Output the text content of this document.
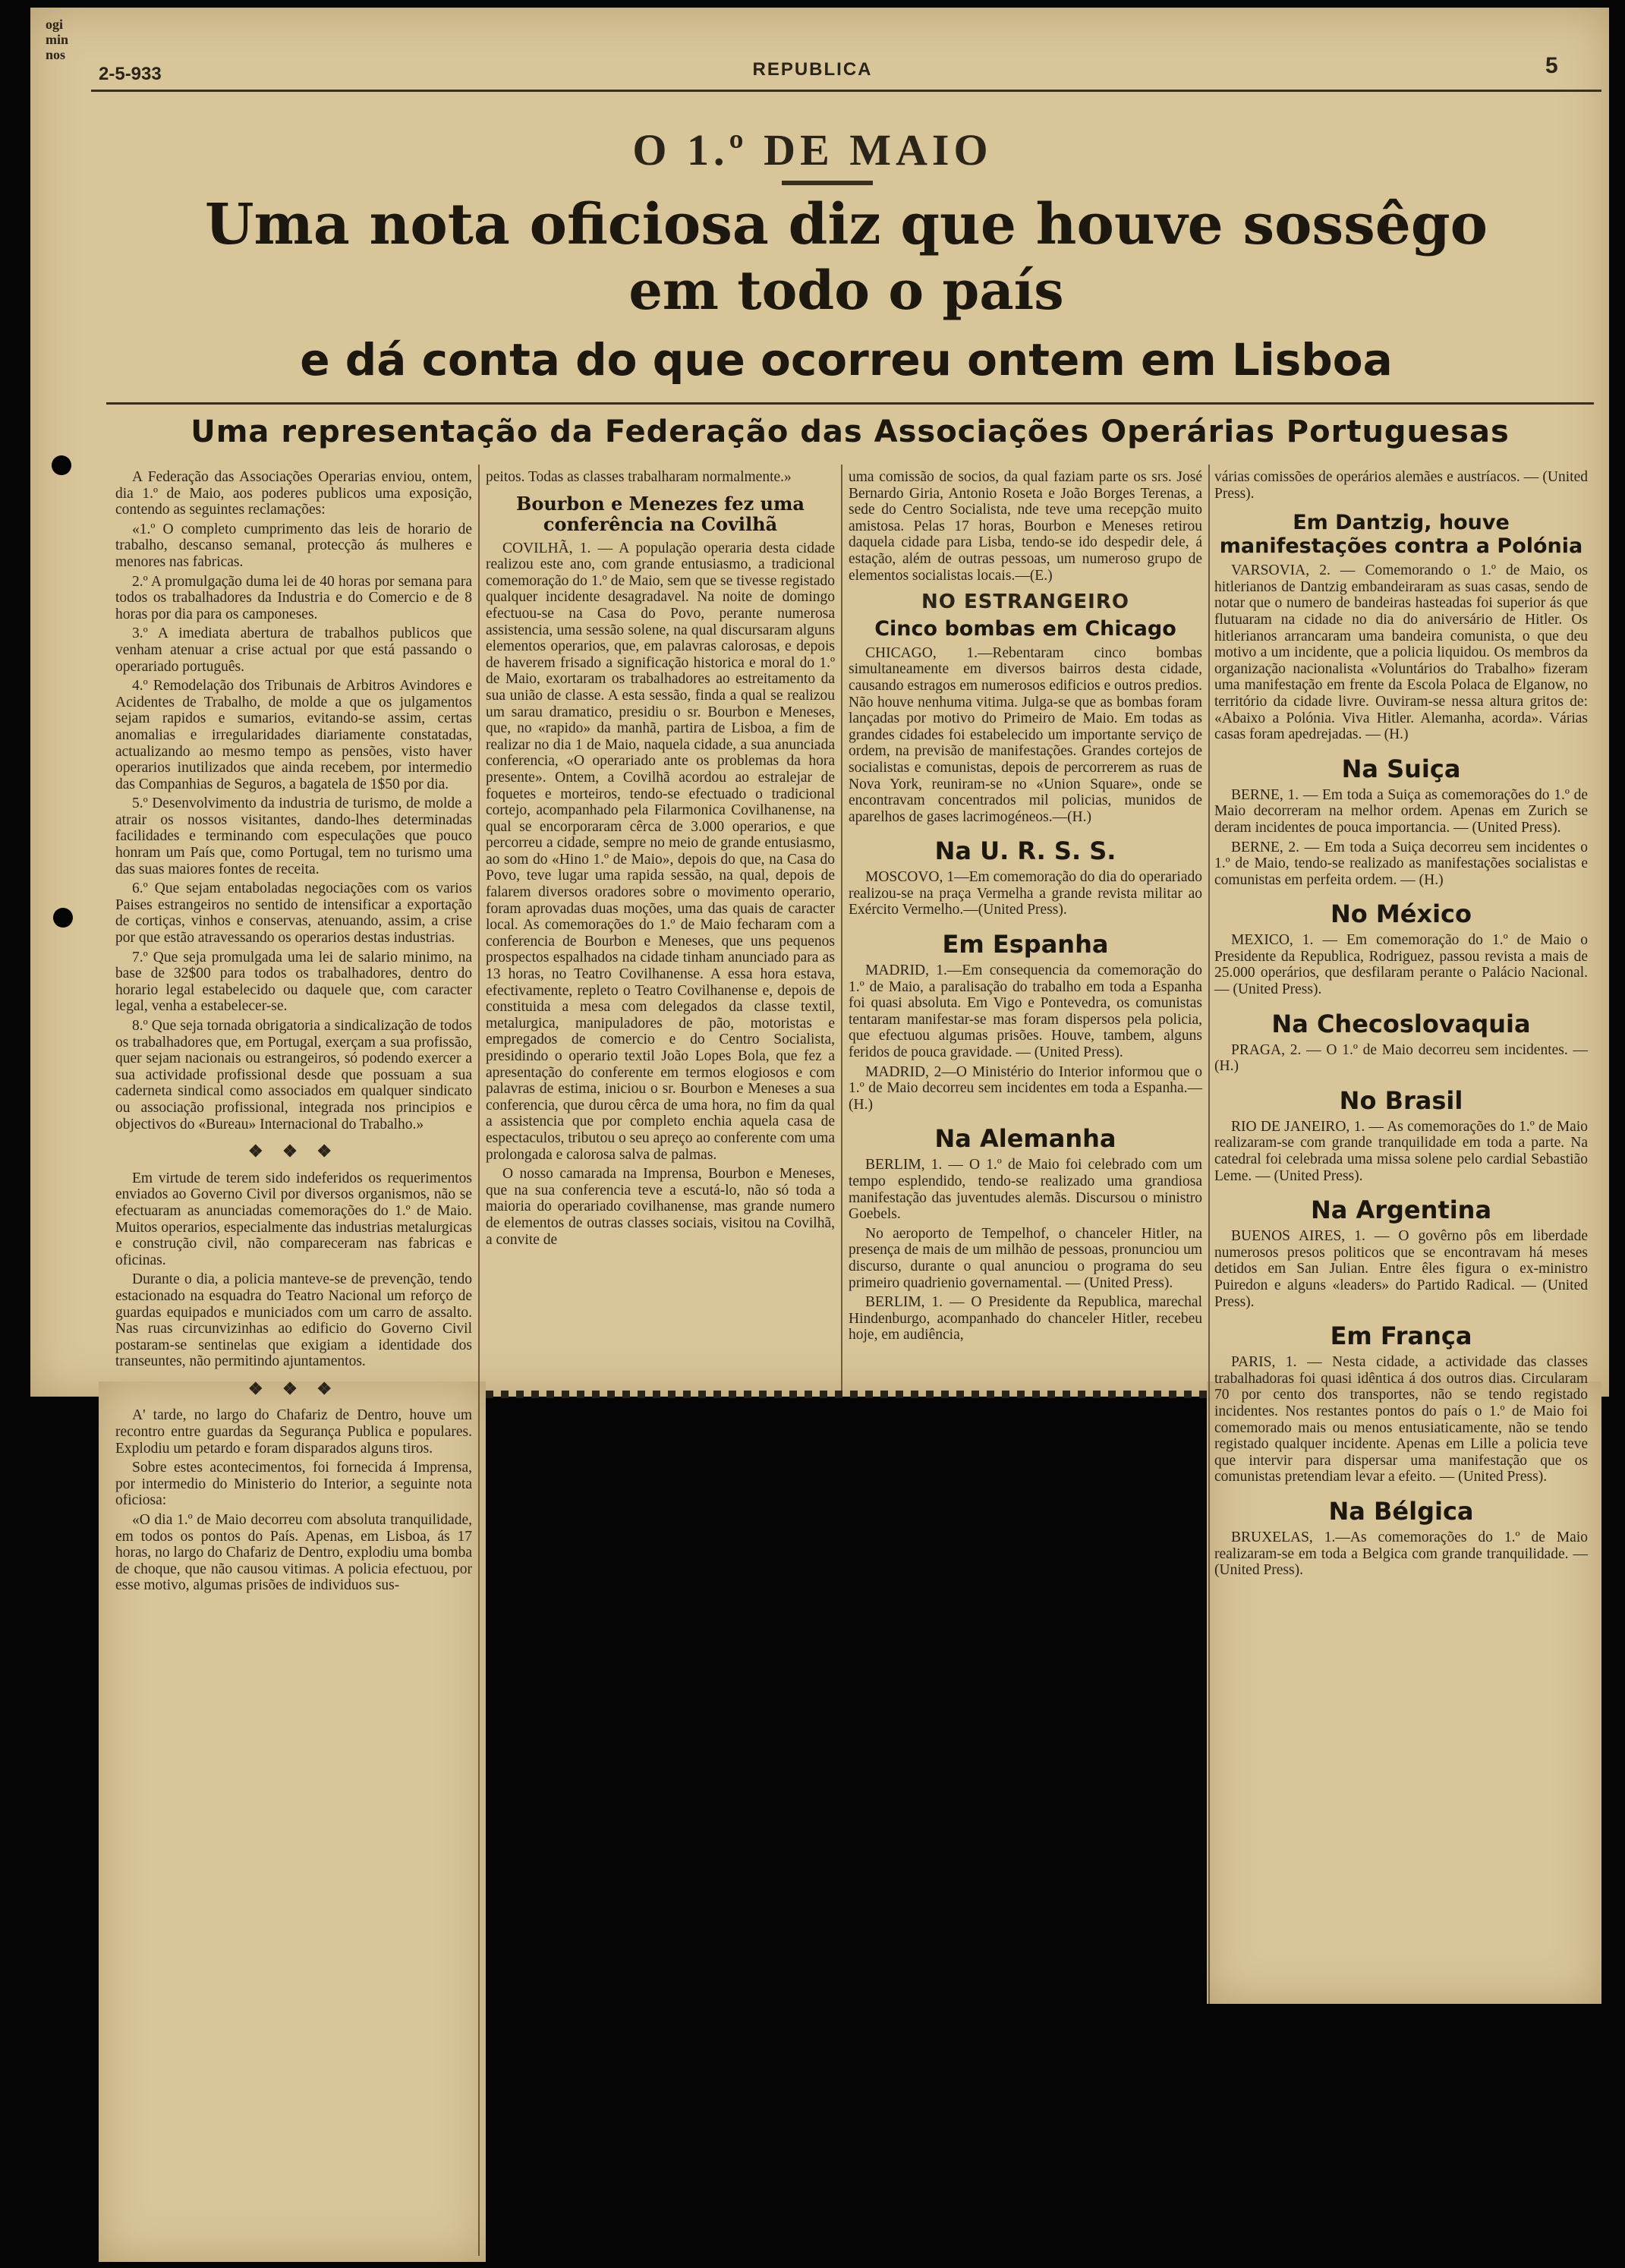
ogi
min
nos
2-5-933	REPUBLICA	5
O 1.º DE MAIO
Uma nota oficiosa diz que houve sossêgo
em todo o país
e dá conta do que ocorreu ontem em Lisboa
Uma representação da Federação das Associações Operárias Portuguesas

A Federação das Associações Operarias enviou, ontem, dia 1.º de Maio, aos poderes publicos uma exposição, contendo as seguintes reclamações:

«1.º O completo cumprimento das leis de horario de trabalho, descanso semanal, protecção ás mulheres e menores nas fabricas.

2.º A promulgação duma lei de 40 horas por semana para todos os trabalhadores da Industria e do Comercio e de 8 horas por dia para os camponeses.

3.º A imediata abertura de trabalhos publicos que venham atenuar a crise actual por que está passando o operariado português.

4.º Remodelação dos Tribunais de Arbitros Avindores e Acidentes de Trabalho, de molde a que os julgamentos sejam rapidos e sumarios, evitando-se assim, certas anomalias e irregularidades diariamente constatadas, actualizando ao mesmo tempo as pensões, visto haver operarios inutilizados que ainda recebem, por intermedio das Companhias de Seguros, a bagatela de 1$50 por dia.

5.º Desenvolvimento da industria de turismo, de molde a atrair os nossos visitantes, dando-lhes determinadas facilidades e terminando com especulações que pouco honram um País que, como Portugal, tem no turismo uma das suas maiores fontes de receita.

6.º Que sejam entaboladas negociações com os varios Paises estrangeiros no sentido de intensificar a exportação de cortiças, vinhos e conservas, atenuando, assim, a crise por que estão atravessando os operarios destas industrias.

7.º Que seja promulgada uma lei de salario minimo, na base de 32$00 para todos os trabalhadores, dentro do horario legal estabelecido ou daquele que, com caracter legal, venha a estabelecer-se.

8.º Que seja tornada obrigatoria a sindicalização de todos os trabalhadores que, em Portugal, exerçam a sua profissão, quer sejam nacionais ou estrangeiros, só podendo exercer a sua actividade profissional desde que possuam a sua caderneta sindical como associados em qualquer sindicato ou associação profissional, integrada nos principios e objectivos do «Bureau» Internacional do Trabalho.»

❖ ❖ ❖

Em virtude de terem sido indeferidos os requerimentos enviados ao Governo Civil por diversos organismos, não se efectuaram as anunciadas comemorações do 1.º de Maio. Muitos operarios, especialmente das industrias metalurgicas e construção civil, não compareceram nas fabricas e oficinas.

Durante o dia, a policia manteve-se de prevenção, tendo estacionado na esquadra do Teatro Nacional um reforço de guardas equipados e municiados com um carro de assalto. Nas ruas circunvizinhas ao edificio do Governo Civil postaram-se sentinelas que exigiam a identidade dos transeuntes, não permitindo ajuntamentos.

❖ ❖ ❖

A' tarde, no largo do Chafariz de Dentro, houve um recontro entre guardas da Segurança Publica e populares. Explodiu um petardo e foram disparados alguns tiros.

Sobre estes acontecimentos, foi fornecida á Imprensa, por intermedio do Ministerio do Interior, a seguinte nota oficiosa:

«O dia 1.º de Maio decorreu com absoluta tranquilidade, em todos os pontos do País. Apenas, em Lisboa, ás 17 horas, no largo do Chafariz de Dentro, explodiu uma bomba de choque, que não causou vitimas. A policia efectuou, por esse motivo, algumas prisões de individuos sus-

peitos. Todas as classes trabalharam normalmente.»

Bourbon e Menezes fez uma conferência na Covilhã

COVILHÃ, 1. — A população operaria desta cidade realizou este ano, com grande entusiasmo, a tradicional comemoração do 1.º de Maio, sem que se tivesse registado qualquer incidente desagradavel. Na noite de domingo efectuou-se na Casa do Povo, perante numerosa assistencia, uma sessão solene, na qual discursaram alguns elementos operarios, que, em palavras calorosas, e depois de haverem frisado a significação historica e moral do 1.º de Maio, exortaram os trabalhadores ao estreitamento da sua união de classe. A esta sessão, finda a qual se realizou um sarau dramatico, presidiu o sr. Bourbon e Meneses, que, no «rapido» da manhã, partira de Lisboa, a fim de realizar no dia 1 de Maio, naquela cidade, a sua anunciada conferencia, «O operariado ante os problemas da hora presente». Ontem, a Covilhã acordou ao estralejar de foquetes e morteiros, tendo-se efectuado o tradicional cortejo, acompanhado pela Filarmonica Covilhanense, na qual se encorporaram cêrca de 3.000 operarios, e que percorreu a cidade, sempre no meio de grande entusiasmo, ao som do «Hino 1.º de Maio», depois do que, na Casa do Povo, teve lugar uma rapida sessão, na qual, depois de falarem diversos oradores sobre o movimento operario, foram aprovadas duas moções, uma das quais de caracter local. As comemorações do 1.º de Maio fecharam com a conferencia de Bourbon e Meneses, que uns pequenos prospectos espalhados na cidade tinham anunciado para as 13 horas, no Teatro Covilhanense. A essa hora estava, efectivamente, repleto o Teatro Covilhanense e, depois de constituida a mesa com delegados da classe textil, metalurgica, manipuladores de pão, motoristas e empregados de comercio e do Centro Socialista, presidindo o operario textil João Lopes Bola, que fez a apresentação do conferente em termos elogiosos e com palavras de estima, iniciou o sr. Bourbon e Meneses a sua conferencia, que durou cêrca de uma hora, no fim da qual a assistencia que por completo enchia aquela casa de espectaculos, tributou o seu apreço ao conferente com uma prolongada e calorosa salva de palmas.

O nosso camarada na Imprensa, Bourbon e Meneses, que na sua conferencia teve a escutá-lo, não só toda a maioria do operariado covilhanense, mas grande numero de elementos de outras classes sociais, visitou na Covilhã, a convite de

uma comissão de socios, da qual faziam parte os srs. José Bernardo Giria, Antonio Roseta e João Borges Terenas, a sede do Centro Socialista, nde teve uma recepção muito amistosa. Pelas 17 horas, Bourbon e Meneses retirou daquela cidade para Lisba, tendo-se ido despedir dele, á estação, além de outras pessoas, um numeroso grupo de elementos socialistas locais.—(E.)

NO ESTRANGEIRO
Cinco bombas em Chicago

CHICAGO, 1.—Rebentaram cinco bombas simultaneamente em diversos bairros desta cidade, causando estragos em numerosos edificios e outros predios. Não houve nenhuma vitima. Julga-se que as bombas foram lançadas por motivo do Primeiro de Maio. Em todas as grandes cidades foi estabelecido um importante serviço de ordem, na previsão de manifestações. Grandes cortejos de socialistas e comunistas, depois de percorrerem as ruas de Nova York, reuniram-se no «Union Square», onde se encontravam concentrados mil policias, munidos de aparelhos de gases lacrimogéneos.—(H.)

Na U. R. S. S.

MOSCOVO, 1—Em comemoração do dia do operariado realizou-se na praça Vermelha a grande revista militar ao Exército Vermelho.—(United Press).

Em Espanha

MADRID, 1.—Em consequencia da comemoração do 1.º de Maio, a paralisação do trabalho em toda a Espanha foi quasi absoluta. Em Vigo e Pontevedra, os comunistas tentaram manifestar-se mas foram dispersos pela policia, que efectuou algumas prisões. Houve, tambem, alguns feridos de pouca gravidade. — (United Press).

MADRID, 2—O Ministério do Interior informou que o 1.º de Maio decorreu sem incidentes em toda a Espanha.—(H.)

Na Alemanha

BERLIM, 1. — O 1.º de Maio foi celebrado com um tempo esplendido, tendo-se realizado uma grandiosa manifestação das juventudes alemãs. Discursou o ministro Goebels.

No aeroporto de Tempelhof, o chanceler Hitler, na presença de mais de um milhão de pessoas, pronunciou um discurso, durante o qual anunciou o programa do seu primeiro quadrienio governamental. — (United Press).

BERLIM, 1. — O Presidente da Republica, marechal Hindenburgo, acompanhado do chanceler Hitler, recebeu hoje, em audiência,

várias comissões de operários alemães e austríacos. — (United Press).

Em Dantzig, houve manifestações contra a Polónia

VARSOVIA, 2. — Comemorando o 1.º de Maio, os hitlerianos de Dantzig embandeiraram as suas casas, sendo de notar que o numero de bandeiras hasteadas foi superior ás que flutuaram na cidade no dia do aniversário de Hitler. Os hitlerianos arrancaram uma bandeira comunista, o que deu motivo a um incidente, que a policia liquidou. Os membros da organização nacionalista «Voluntários do Trabalho» fizeram uma manifestação em frente da Escola Polaca de Elganow, no território da cidade livre. Ouviram-se nessa altura gritos de: «Abaixo a Polónia. Viva Hitler. Alemanha, acorda». Várias casas foram apedrejadas. — (H.)

Na Suiça

BERNE, 1. — Em toda a Suiça as comemorações do 1.º de Maio decorreram na melhor ordem. Apenas em Zurich se deram incidentes de pouca importancia. — (United Press).

BERNE, 2. — Em toda a Suiça decorreu sem incidentes o 1.º de Maio, tendo-se realizado as manifestações socialistas e comunistas em perfeita ordem. — (H.)

No México

MEXICO, 1. — Em comemoração do 1.º de Maio o Presidente da Republica, Rodriguez, passou revista a mais de 25.000 operários, que desfilaram perante o Palácio Nacional. — (United Press).

Na Checoslovaquia

PRAGA, 2. — O 1.º de Maio decorreu sem incidentes. — (H.)

No Brasil

RIO DE JANEIRO, 1. — As comemorações do 1.º de Maio realizaram-se com grande tranquilidade em toda a parte. Na catedral foi celebrada uma missa solene pelo cardial Sebastião Leme. — (United Press).

Na Argentina

BUENOS AIRES, 1. — O govêrno pôs em liberdade numerosos presos politicos que se encontravam há meses detidos em San Julian. Entre êles figura o ex-ministro Puiredon e alguns «leaders» do Partido Radical. — (United Press).

Em França

PARIS, 1. — Nesta cidade, a actividade das classes trabalhadoras foi quasi idêntica á dos outros dias. Circularam 70 por cento dos transportes, não se tendo registado incidentes. Nos restantes pontos do país o 1.º de Maio foi comemorado mais ou menos entusiaticamente, não se tendo registado qualquer incidente. Apenas em Lille a policia teve que intervir para dispersar uma manifestação que os comunistas pretendiam levar a efeito. — (United Press).

Na Bélgica

BRUXELAS, 1.—As comemorações do 1.º de Maio realizaram-se em toda a Belgica com grande tranquilidade. — (United Press).
